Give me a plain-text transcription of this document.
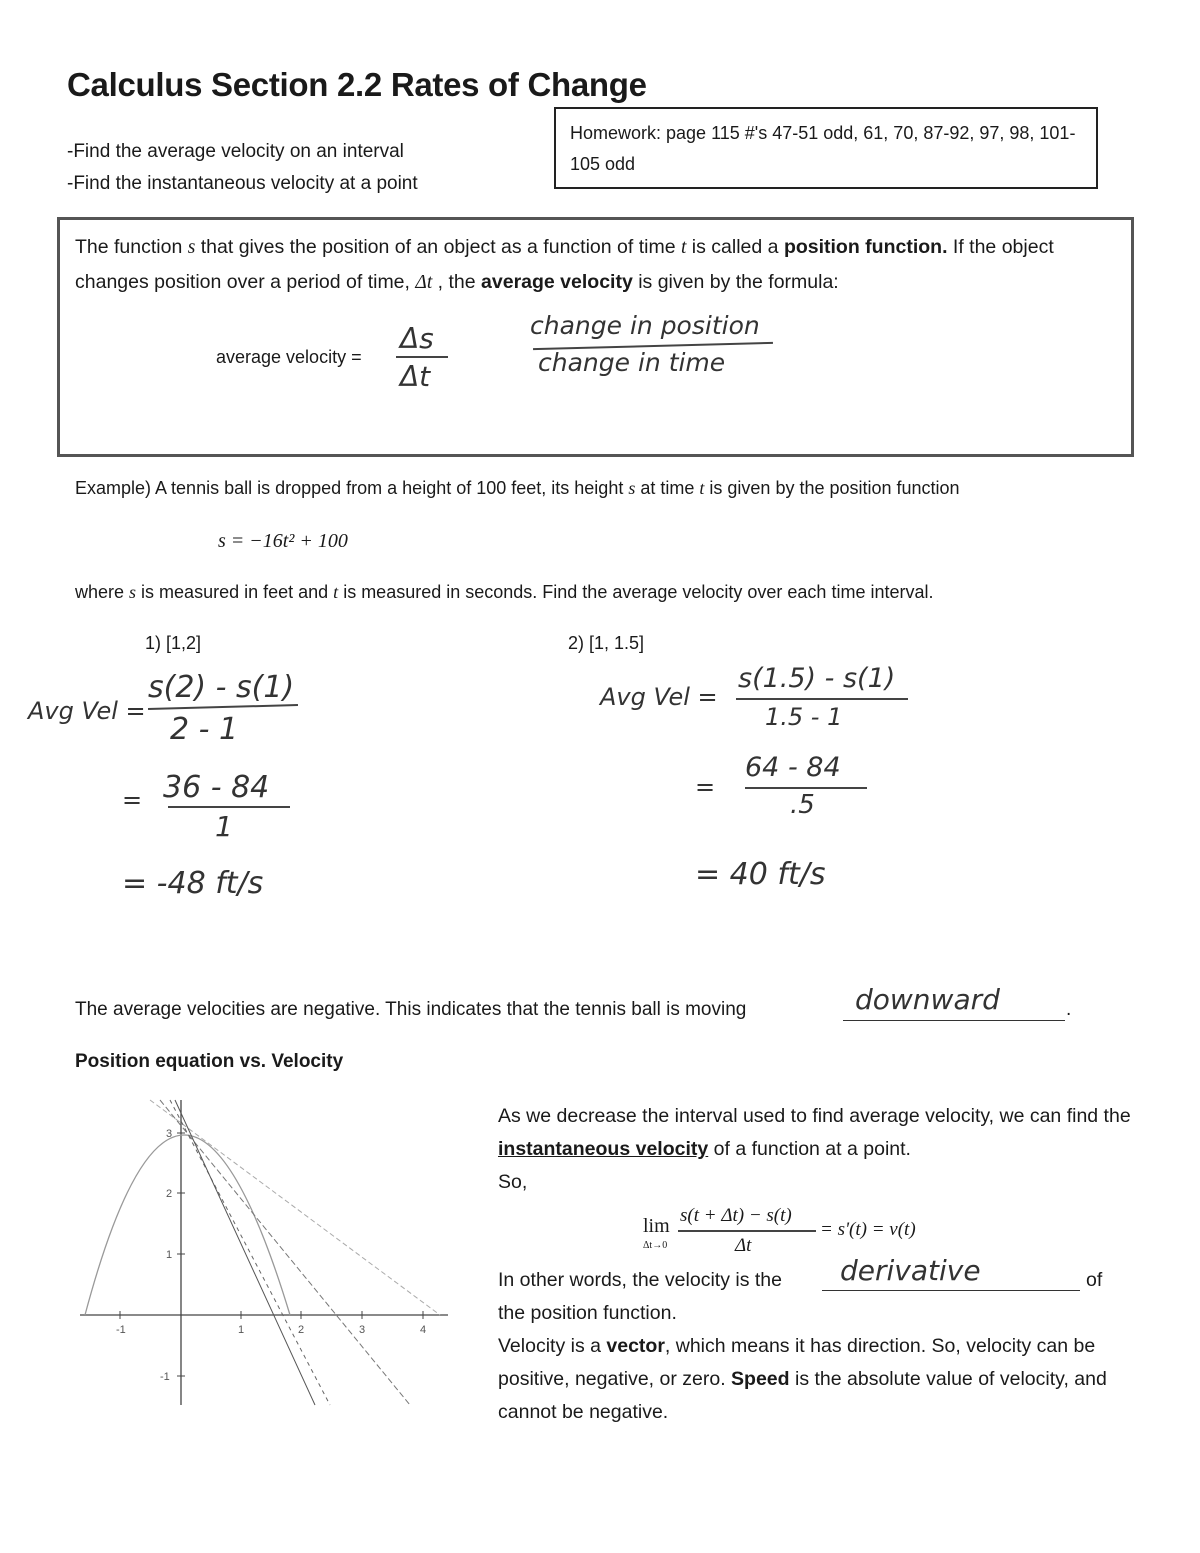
Calculus Section 2.2 Rates of Change
-Find the average velocity on an interval
-Find the instantaneous velocity at a point
Homework: page 115 #'s 47-51 odd, 61, 70, 87-92, 97, 98, 101-105 odd
The function s that gives the position of an object as a function of time t is called a position function. If the object changes position over a period of time, Δt , the average velocity is given by the formula:
average velocity =
Δs
Δt
change in position
change in time
Example) A tennis ball is dropped from a height of 100 feet, its height s at time t is given by the position function
s = −16t² + 100
where s is measured in feet and t is measured in seconds. Find the average velocity over each time interval.
1) [1,2]	2) [1, 1.5]
Avg Vel =
s(2) - s(1)
2 - 1
= 36 - 84
1
= -48 ft/s
Avg Vel =
s(1.5) - s(1)
1.5 - 1
=
64 - 84
.5
= 40 ft/s
The average velocities are negative. This indicates that the tennis ball is moving	downward	.
Position equation vs. Velocity
-1	1	2	3	4
3
2
1
-1
As we decrease the interval used to find average velocity, we can find the instantaneous velocity of a function at a point.
So,
lim
Δt→0
s(t + Δt) − s(t)
Δt
= s'(t) = v(t)
In other words, the velocity is the	derivative	of
the position function.
Velocity is a vector, which means it has direction. So, velocity can be positive, negative, or zero. Speed is the absolute value of velocity, and cannot be negative.
